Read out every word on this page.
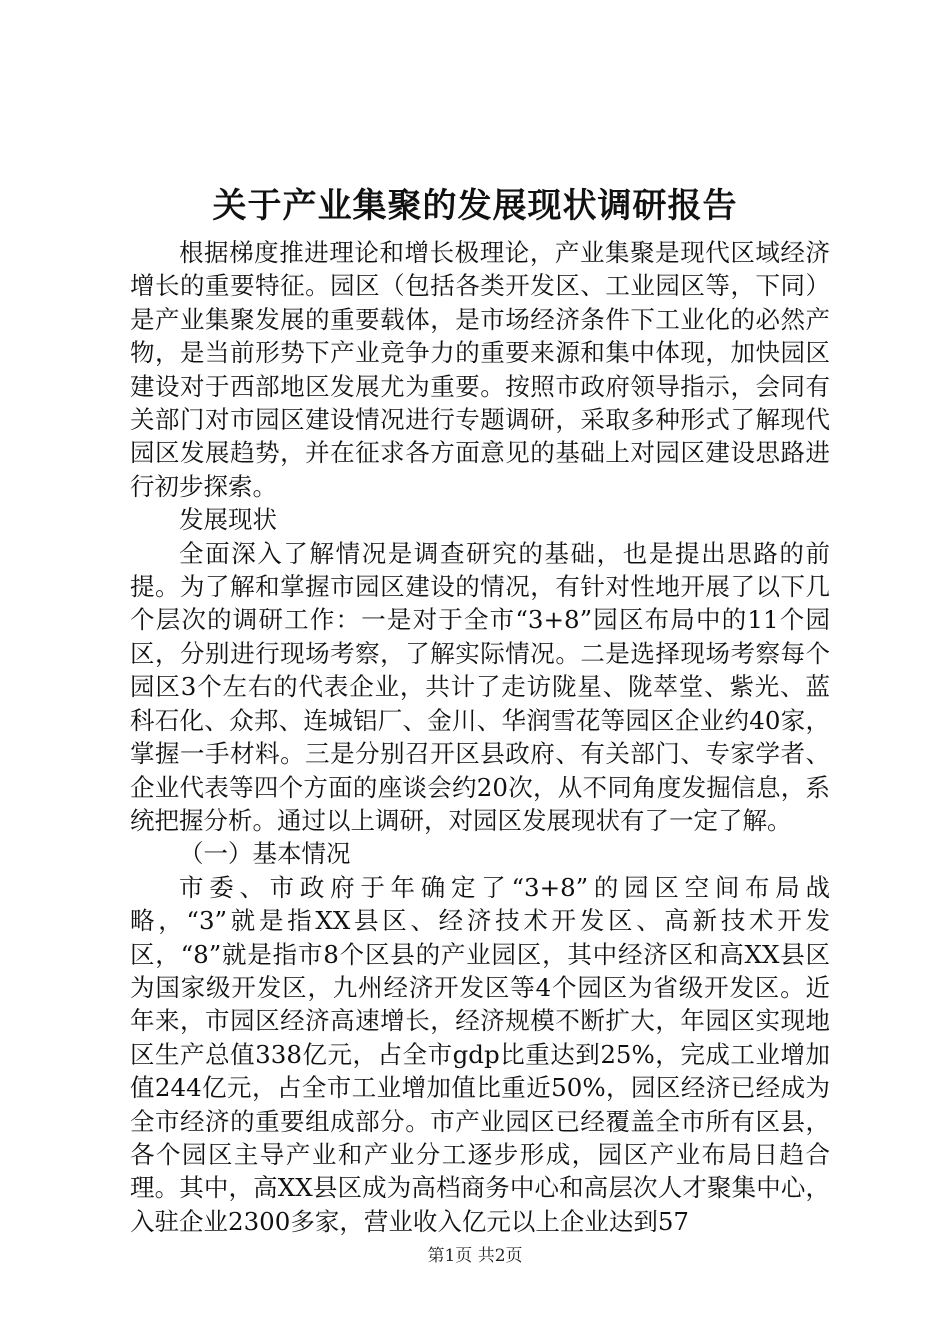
关于产业集聚的发展现状调研报告

根据梯度推进理论和增长极理论，产业集聚是现代区域经济增长的重要特征。园区（包括各类开发区、工业园区等，下同）是产业集聚发展的重要载体，是市场经济条件下工业化的必然产物，是当前形势下产业竞争力的重要来源和集中体现，加快园区建设对于西部地区发展尤为重要。按照市政府领导指示，会同有关部门对市园区建设情况进行专题调研，采取多种形式了解现代园区发展趋势，并在征求各方面意见的基础上对园区建设思路进行初步探索。

发展现状

全面深入了解情况是调查研究的基础，也是提出思路的前提。为了解和掌握市园区建设的情况，有针对性地开展了以下几个层次的调研工作：一是对于全市“3+8”园区布局中的11个园区，分别进行现场考察，了解实际情况。二是选择现场考察每个园区3个左右的代表企业，共计了走访陇星、陇萃堂、紫光、蓝科石化、众邦、连城铝厂、金川、华润雪花等园区企业约40家，掌握一手材料。三是分别召开区县政府、有关部门、专家学者、企业代表等四个方面的座谈会约20次，从不同角度发掘信息，系统把握分析。通过以上调研，对园区发展现状有了一定了解。

（一）基本情况

市委、市政府于年确定了“3+8”的园区空间布局战略，“3”就是指XX县区、经济技术开发区、高新技术开发区，“8”就是指市8个区县的产业园区，其中经济区和高XX县区为国家级开发区，九州经济开发区等4个园区为省级开发区。近年来，市园区经济高速增长，经济规模不断扩大，年园区实现地区生产总值338亿元，占全市gdp比重达到25%，完成工业增加值244亿元，占全市工业增加值比重近50%，园区经济已经成为全市经济的重要组成部分。市产业园区已经覆盖全市所有区县，各个园区主导产业和产业分工逐步形成，园区产业布局日趋合理。其中，高XX县区成为高档商务中心和高层次人才聚集中心，入驻企业2300多家，营业收入亿元以上企业达到57

第1页 共2页
